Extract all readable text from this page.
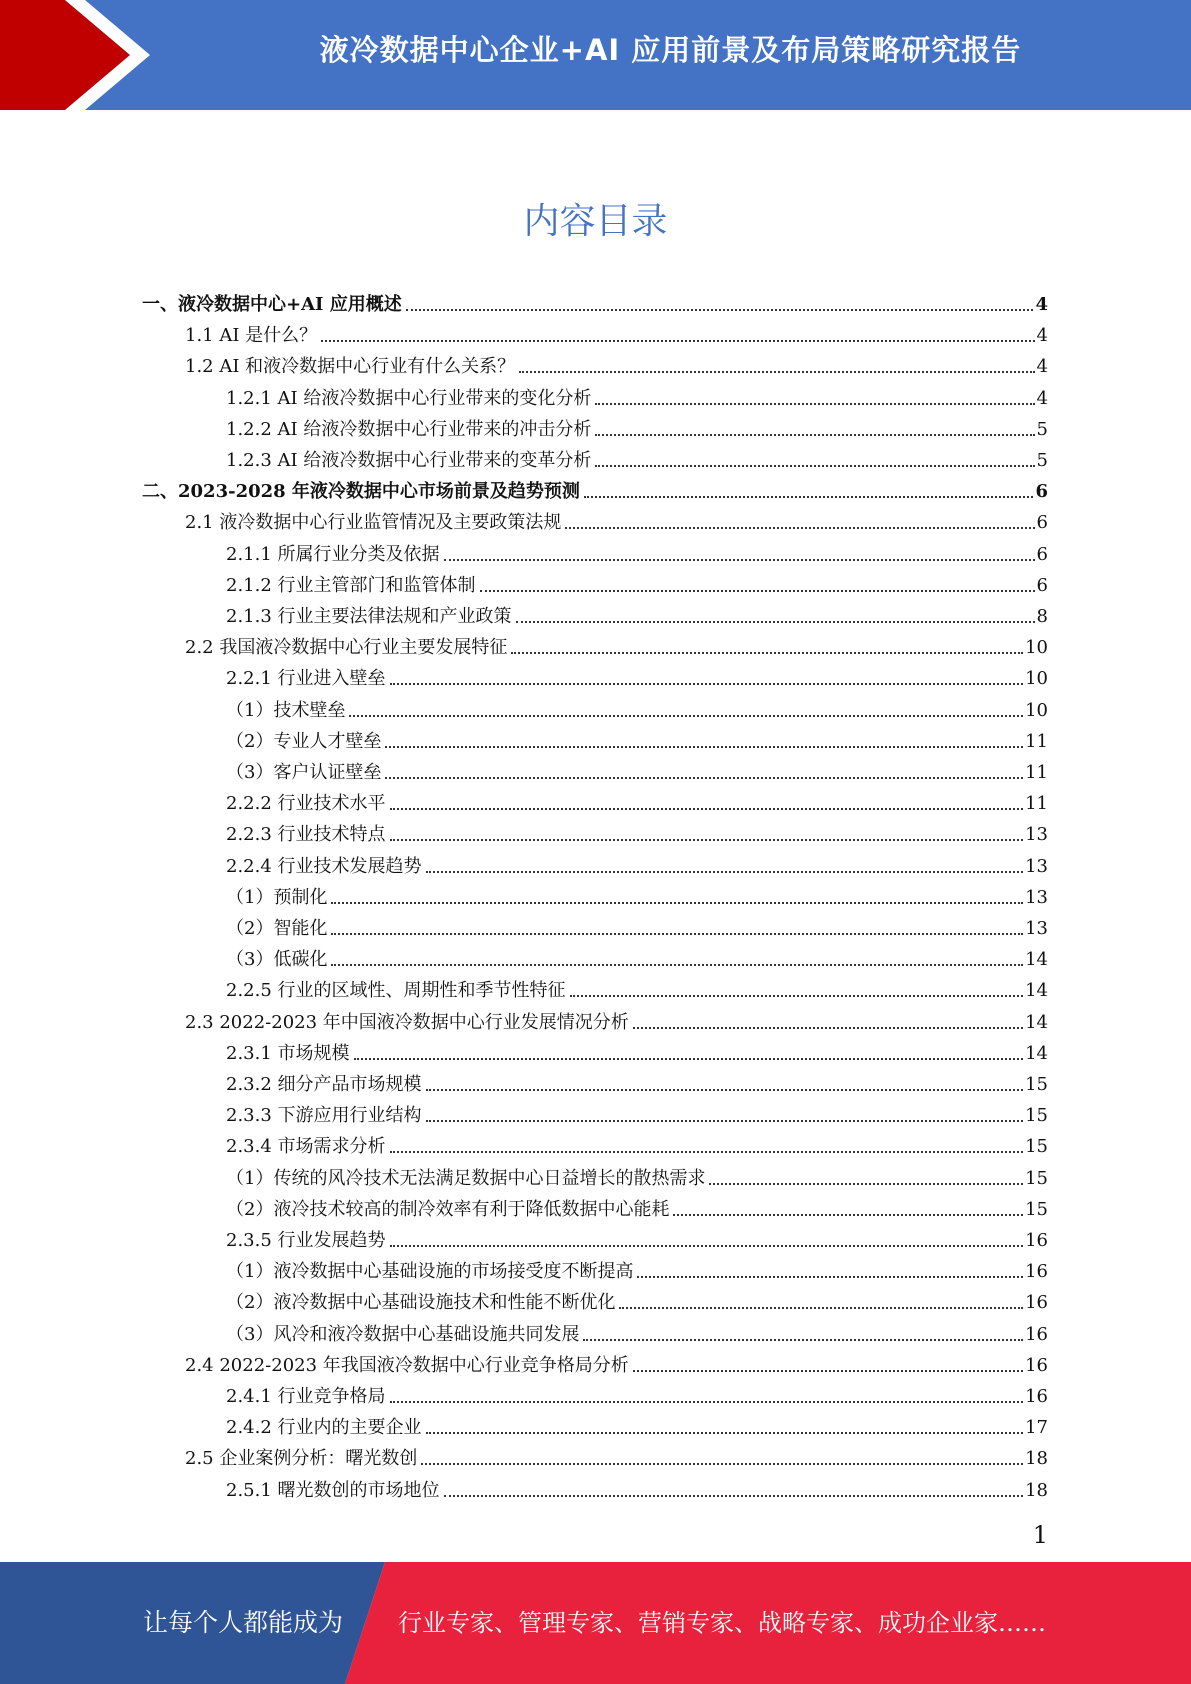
液冷数据中心企业+AI 应用前景及布局策略研究报告
内容目录
一、液冷数据中心+AI 应用概述	4
1.1 AI 是什么？	4
1.2 AI 和液冷数据中心行业有什么关系？	4
1.2.1 AI 给液冷数据中心行业带来的变化分析	4
1.2.2 AI 给液冷数据中心行业带来的冲击分析	5
1.2.3 AI 给液冷数据中心行业带来的变革分析	5
二、2023-2028 年液冷数据中心市场前景及趋势预测	6
2.1 液冷数据中心行业监管情况及主要政策法规	6
2.1.1 所属行业分类及依据	6
2.1.2 行业主管部门和监管体制	6
2.1.3 行业主要法律法规和产业政策	8
2.2 我国液冷数据中心行业主要发展特征	10
2.2.1 行业进入壁垒	10
（1）技术壁垒	10
（2）专业人才壁垒	11
（3）客户认证壁垒	11
2.2.2 行业技术水平	11
2.2.3 行业技术特点	13
2.2.4 行业技术发展趋势	13
（1）预制化	13
（2）智能化	13
（3）低碳化	14
2.2.5 行业的区域性、周期性和季节性特征	14
2.3 2022-2023 年中国液冷数据中心行业发展情况分析	14
2.3.1 市场规模	14
2.3.2 细分产品市场规模	15
2.3.3 下游应用行业结构	15
2.3.4 市场需求分析	15
（1）传统的风冷技术无法满足数据中心日益增长的散热需求	15
（2）液冷技术较高的制冷效率有利于降低数据中心能耗	15
2.3.5 行业发展趋势	16
（1）液冷数据中心基础设施的市场接受度不断提高	16
（2）液冷数据中心基础设施技术和性能不断优化	16
（3）风冷和液冷数据中心基础设施共同发展	16
2.4 2022-2023 年我国液冷数据中心行业竞争格局分析	16
2.4.1 行业竞争格局	16
2.4.2 行业内的主要企业	17
2.5 企业案例分析：曙光数创	18
2.5.1 曙光数创的市场地位	18
1
让每个人都能成为 行业专家、管理专家、营销专家、战略专家、成功企业家……
